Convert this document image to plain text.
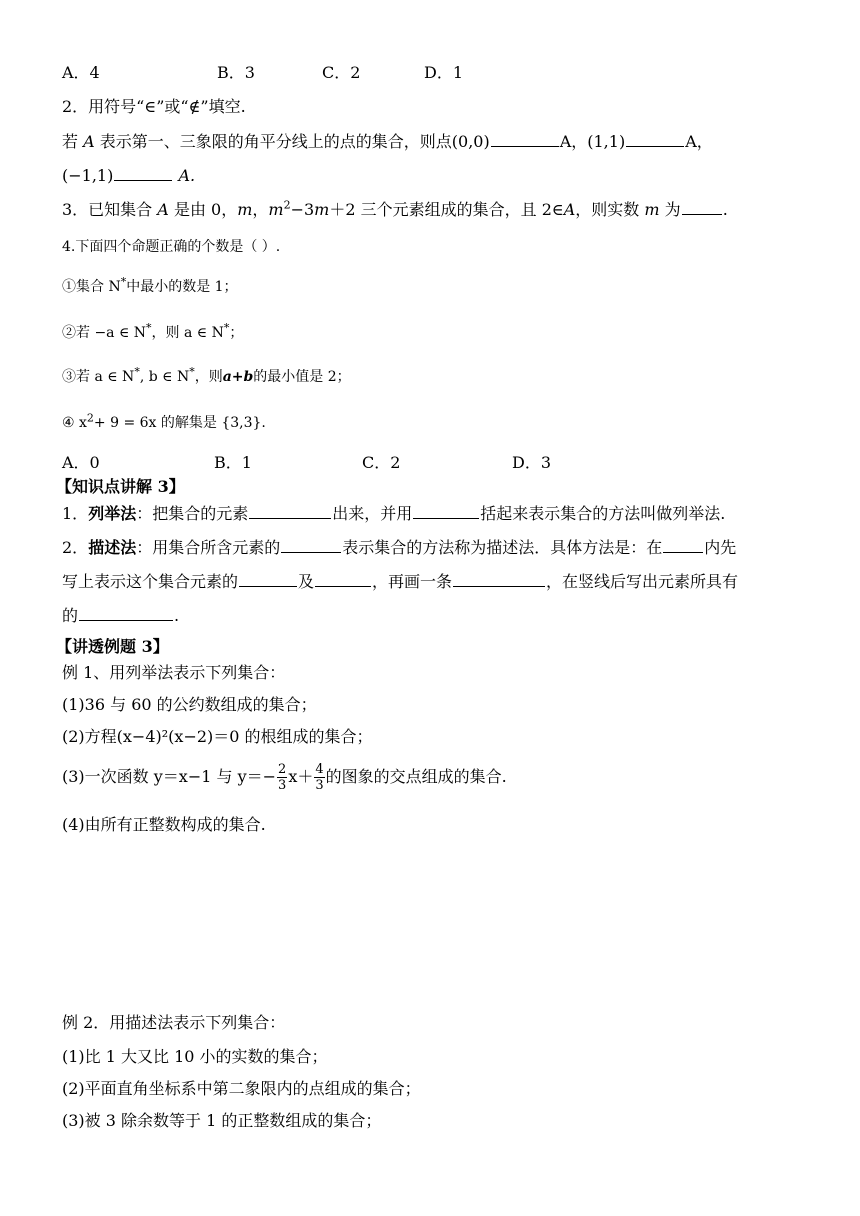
A．4	B．3	C．2	D．1
2．用符号“∈”或“∉”填空.
若 A 表示第一、三象限的角平分线上的点的集合，则点(0,0)	A，(1,1)	A，
(−1,1)	A.
3．已知集合 A 是由 0，m，$m^2-3m+2$ 三个元素组成的集合，且 2∈A，则实数 m 为	.
4.下面四个命题正确的个数是（ ）.
①集合 N*中最小的数是 1；
②若 −a ∈ N*，则 a ∈ N*；
③若 a ∈ N*, b ∈ N*，则a+b的最小值是 2；
④ $x^2+ 9 = 6x$ 的解集是 {3,3}.
A．0	B．1	C．2	D．3
【知识点讲解 3】
1．列举法：把集合的元素	出来，并用	括起来表示集合的方法叫做列举法.
2．描述法：用集合所含元素的	表示集合的方法称为描述法．具体方法是：在	内先
写上表示这个集合元素的	及	，再画一条	，在竖线后写出元素所具有
的	.
【讲透例题 3】
例 1、用列举法表示下列集合：
(1)36 与 60 的公约数组成的集合；
(2)方程(x−4)²(x−2)＝0 的根组成的集合；
(3)一次函数 y＝x−1 与 $y=- \frac{2}{3} x+ \frac{4}{3}$ 的图象的交点组成的集合.
(4)由所有正整数构成的集合.
例 2．用描述法表示下列集合：
(1)比 1 大又比 10 小的实数的集合；
(2)平面直角坐标系中第二象限内的点组成的集合；
(3)被 3 除余数等于 1 的正整数组成的集合；
